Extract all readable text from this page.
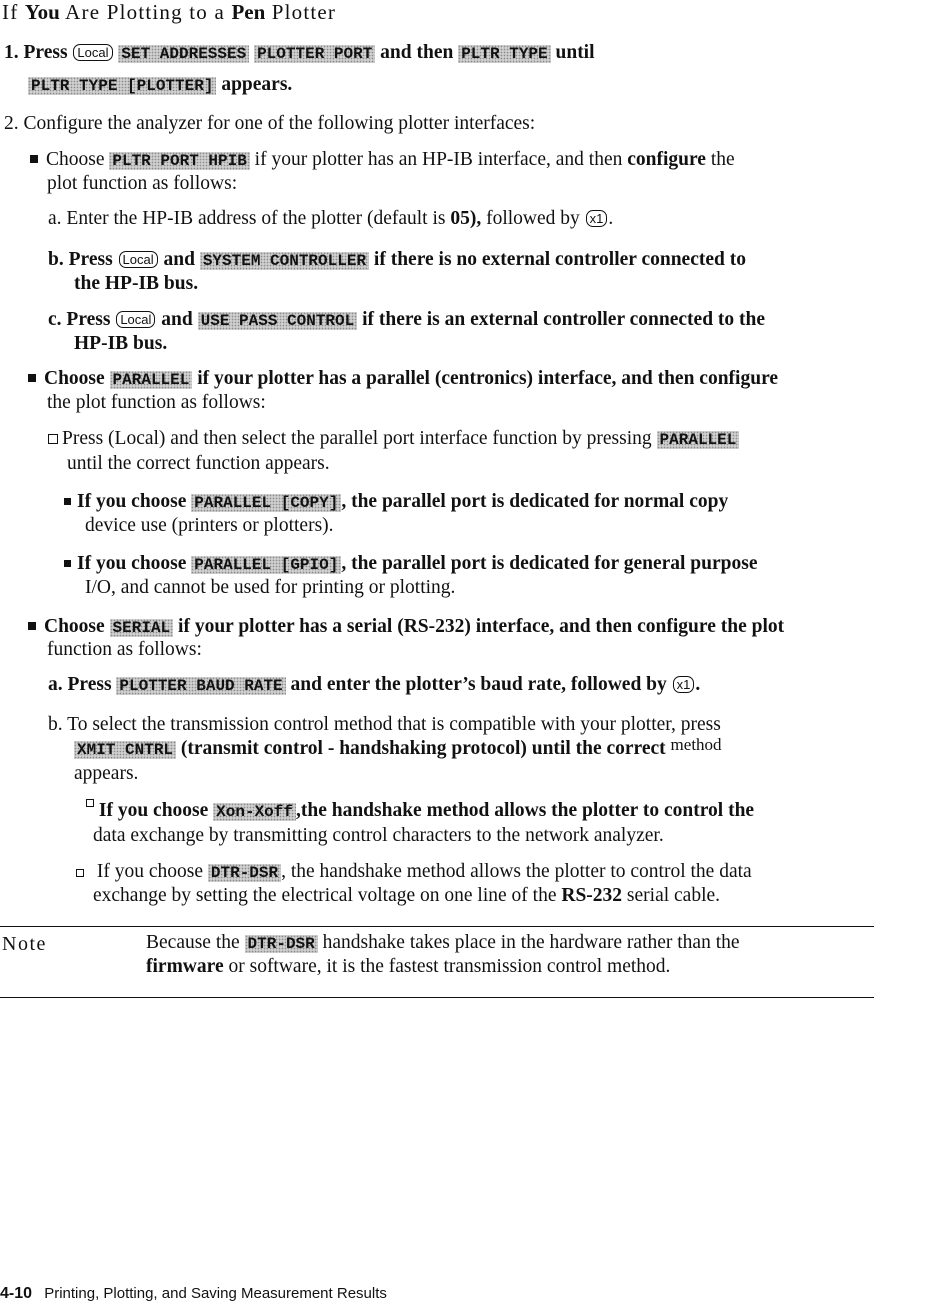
If You Are Plotting to a Pen Plotter
1. Press Local SET ADDRESSES PLOTTER PORT and then PLTR TYPE until
PLTR TYPE [PLOTTER] appears.
2. Configure the analyzer for one of the following plotter interfaces:
Choose PLTR PORT HPIB if your plotter has an HP-IB interface, and then configure the
plot function as follows:
a. Enter the HP-IB address of the plotter (default is 05), followed by x1 .
b. Press Local and SYSTEM CONTROLLER if there is no external controller connected to
the HP-IB bus.
c. Press Local and USE PASS CONTROL if there is an external controller connected to the
HP-IB bus.
Choose PARALLEL if your plotter has a parallel (centronics) interface, and then configure
the plot function as follows:
Press (Local) and then select the parallel port interface function by pressing PARALLEL
until the correct function appears.
If you choose PARALLEL [COPY] , the parallel port is dedicated for normal copy
device use (printers or plotters).
If you choose PARALLEL [GPIO] , the parallel port is dedicated for general purpose
I/O, and cannot be used for printing or plotting.
Choose SERIAL if your plotter has a serial (RS-232) interface, and then configure the plot
function as follows:
a. Press PLOTTER BAUD RATE and enter the plotter’s baud rate, followed by x1 .
b. To select the transmission control method that is compatible with your plotter, press
XMIT CNTRL (transmit control - handshaking protocol) until the correct method
appears.
If you choose Xon-Xoff ,the handshake method allows the plotter to control the
data exchange by transmitting control characters to the network analyzer.
If you choose DTR-DSR , the handshake method allows the plotter to control the data
exchange by setting the electrical voltage on one line of the RS-232 serial cable.
Note	Because the DTR-DSR handshake takes place in the hardware rather than the
firmware or software, it is the fastest transmission control method.
4-10 Printing, Plotting, and Saving Measurement Results
